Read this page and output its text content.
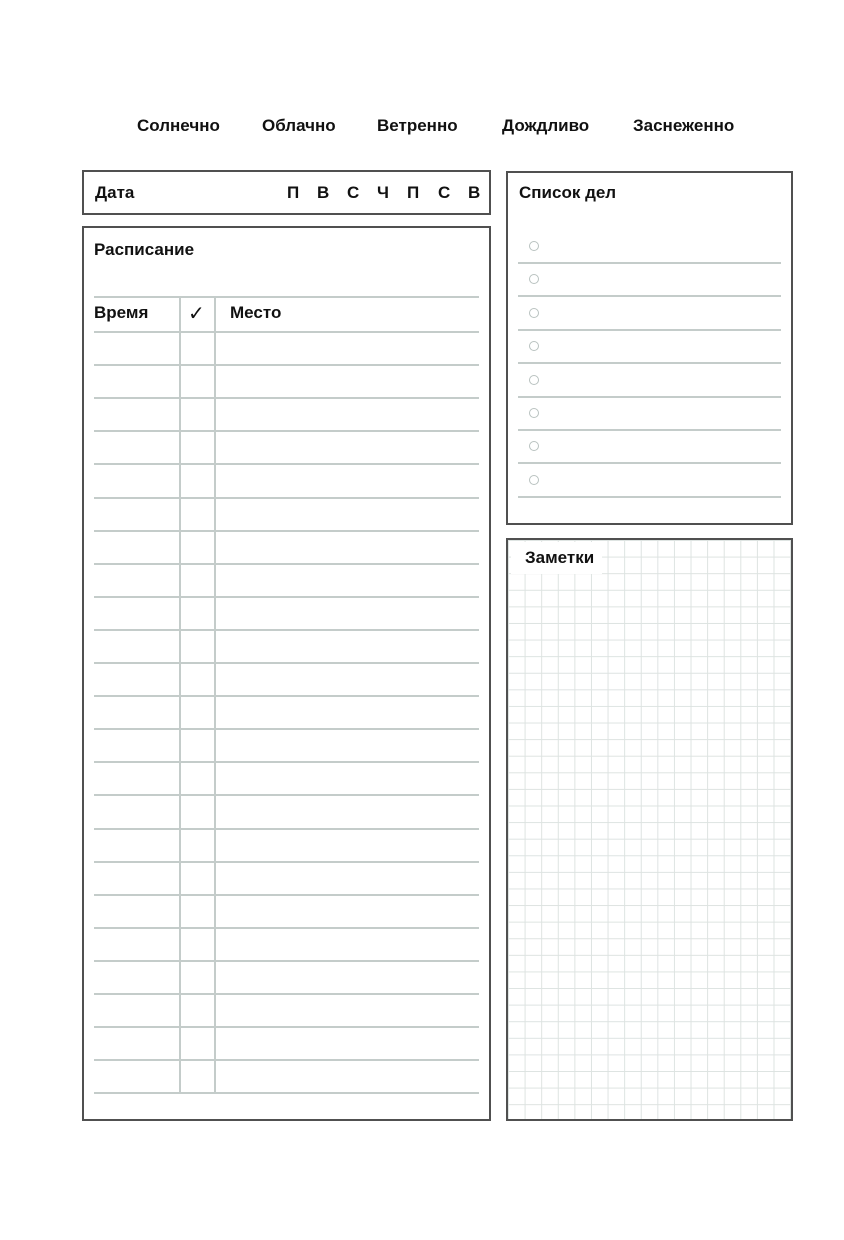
Солнечно Облачно Ветренно	Дождливо	Заснеженно
Дата	П В С Ч П С В
Расписание
Время ✓ Место
Список дел
Заметки
